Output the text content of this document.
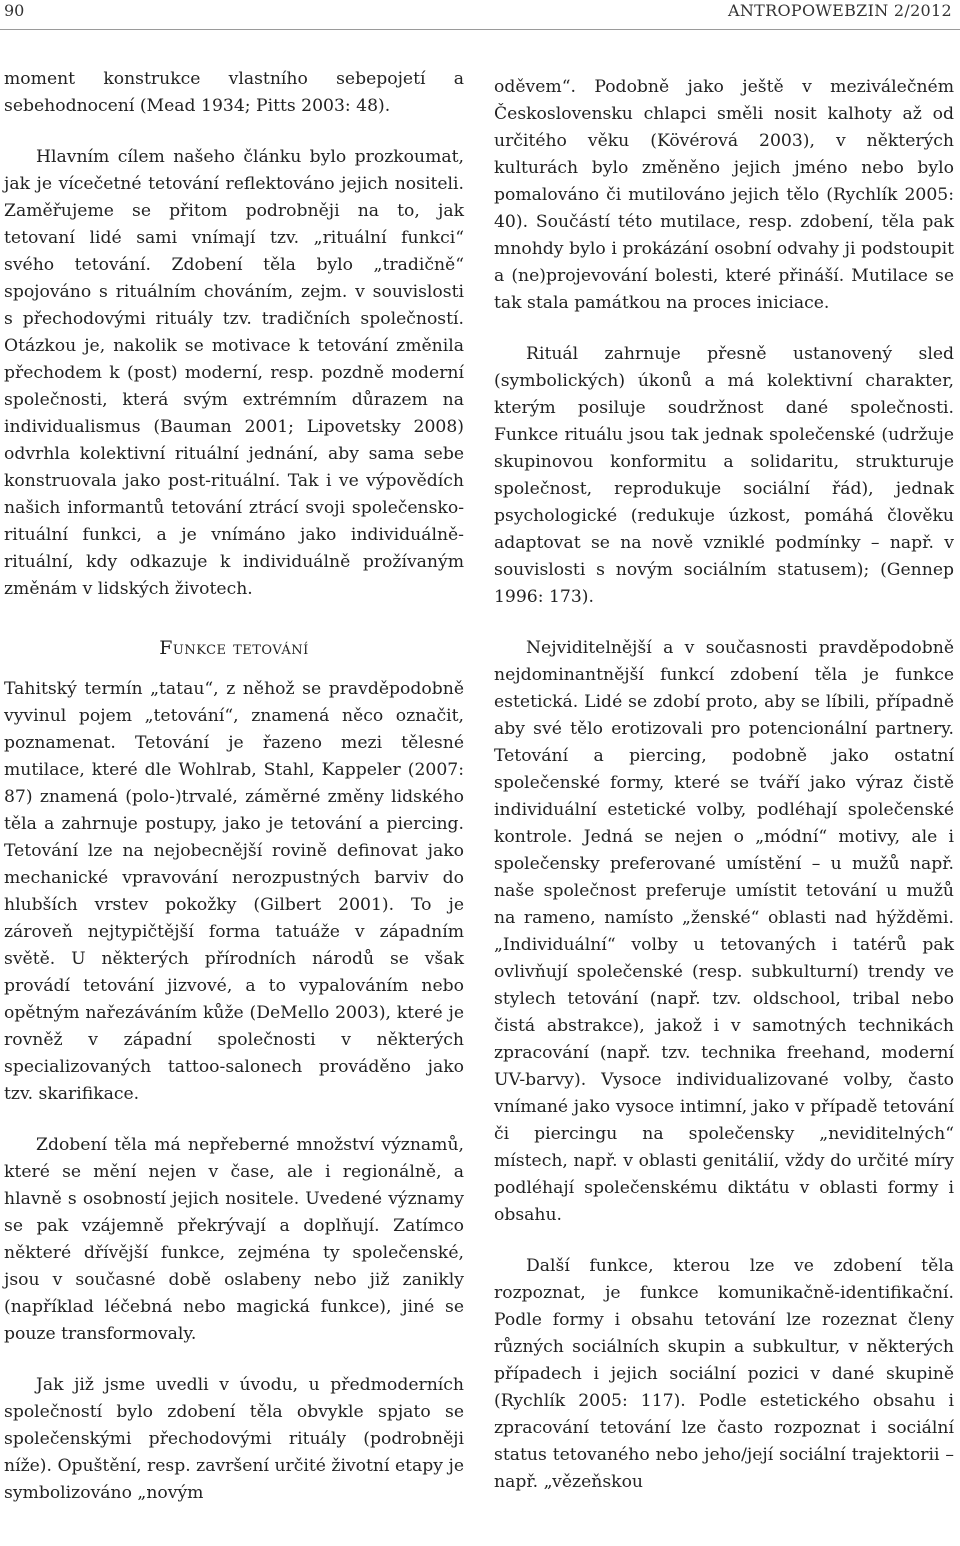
90	ANTROPOWEBZIN 2/2012

moment konstrukce vlastního sebepojetí a sebehodnocení (Mead 1934; Pitts 2003: 48).

Hlavním cílem našeho článku bylo prozkoumat, jak je vícečetné tetování reflektováno jejich nositeli. Zaměřujeme se přitom podrobněji na to, jak tetovaní lidé sami vnímají tzv. „rituální funkci“ svého tetování. Zdobení těla bylo „tradičně“ spojováno s rituálním chováním, zejm. v souvislosti s přechodovými rituály tzv. tradičních společností. Otázkou je, nakolik se motivace k tetování změnila přechodem k (post) moderní, resp. pozdně moderní společnosti, která svým extrémním důrazem na individualismus (Bauman 2001; Lipovetsky 2008) odvrhla kolektivní rituální jednání, aby sama sebe konstruovala jako post-rituální. Tak i ve výpovědích našich informantů tetování ztrácí svoji společensko-rituální funkci, a je vnímáno jako individuálně-rituální, kdy odkazuje k individuálně prožívaným změnám v lidských životech.

Funkce tetování

Tahitský termín „tatau“, z něhož se pravděpodobně vyvinul pojem „tetování“, znamená něco označit, poznamenat. Tetování je řazeno mezi tělesné mutilace, které dle Wohlrab, Stahl, Kappeler (2007: 87) znamená (polo-)trvalé, záměrné změny lidského těla a zahrnuje postupy, jako je tetování a piercing. Tetování lze na nejobecnější rovině definovat jako mechanické vpravování nerozpustných barviv do hlubších vrstev pokožky (Gilbert 2001). To je zároveň nejtypičtější forma tatuáže v západním světě. U některých přírodních národů se však provádí tetování jizvové, a to vypalováním nebo opětným nařezáváním kůže (DeMello 2003), které je rovněž v západní společnosti v některých specializovaných tattoo-salonech prováděno jako tzv. skarifikace.

Zdobení těla má nepřeberné množství významů, které se mění nejen v čase, ale i regionálně, a hlavně s osobností jejich nositele. Uvedené významy se pak vzájemně překrývají a doplňují. Zatímco některé dřívější funkce, zejména ty společenské, jsou v současné době oslabeny nebo již zanikly (například léčebná nebo magická funkce), jiné se pouze transformovaly.

Jak již jsme uvedli v úvodu, u předmoderních společností bylo zdobení těla obvykle spjato se společenskými přechodovými rituály (podrobněji níže). Opuštění, resp. završení určité životní etapy je symbolizováno „novým

oděvem“. Podobně jako ještě v meziválečném Československu chlapci směli nosit kalhoty až od určitého věku (Kövérová 2003), v některých kulturách bylo změněno jejich jméno nebo bylo pomalováno či mutilováno jejich tělo (Rychlík 2005: 40). Součástí této mutilace, resp. zdobení, těla pak mnohdy bylo i prokázání osobní odvahy ji podstoupit a (ne)projevování bolesti, které přináší. Mutilace se tak stala památkou na proces iniciace.

Rituál zahrnuje přesně ustanovený sled (symbolických) úkonů a má kolektivní charakter, kterým posiluje soudržnost dané společnosti. Funkce rituálu jsou tak jednak společenské (udržuje skupinovou konformitu a solidaritu, strukturuje společnost, reprodukuje sociální řád), jednak psychologické (redukuje úzkost, pomáhá člověku adaptovat se na nově vzniklé podmínky – např. v souvislosti s novým sociálním statusem); (Gennep 1996: 173).

Nejviditelnější a v současnosti pravděpodobně nejdominantnější funkcí zdobení těla je funkce estetická. Lidé se zdobí proto, aby se líbili, případně aby své tělo erotizovali pro potencionální partnery. Tetování a piercing, podobně jako ostatní společenské formy, které se tváří jako výraz čistě individuální estetické volby, podléhají společenské kontrole. Jedná se nejen o „módní“ motivy, ale i společensky preferované umístění – u mužů např. naše společnost preferuje umístit tetování u mužů na rameno, namísto „ženské“ oblasti nad hýžděmi. „Individuální“ volby u tetovaných i tatérů pak ovlivňují společenské (resp. subkulturní) trendy ve stylech tetování (např. tzv. oldschool, tribal nebo čistá abstrakce), jakož i v samotných technikách zpracování (např. tzv. technika freehand, moderní UV-barvy). Vysoce individualizované volby, často vnímané jako vysoce intimní, jako v případě tetování či piercingu na společensky „neviditelných“ místech, např. v oblasti genitálií, vždy do určité míry podléhají společenskému diktátu v oblasti formy i obsahu.

Další funkce, kterou lze ve zdobení těla rozpoznat, je funkce komunikačně-identifikační. Podle formy i obsahu tetování lze rozeznat členy různých sociálních skupin a subkultur, v některých případech i jejich sociální pozici v dané skupině (Rychlík 2005: 117). Podle estetického obsahu i zpracování tetování lze často rozpoznat i sociální status tetovaného nebo jeho/její sociální trajektorii – např. „vězeňskou
